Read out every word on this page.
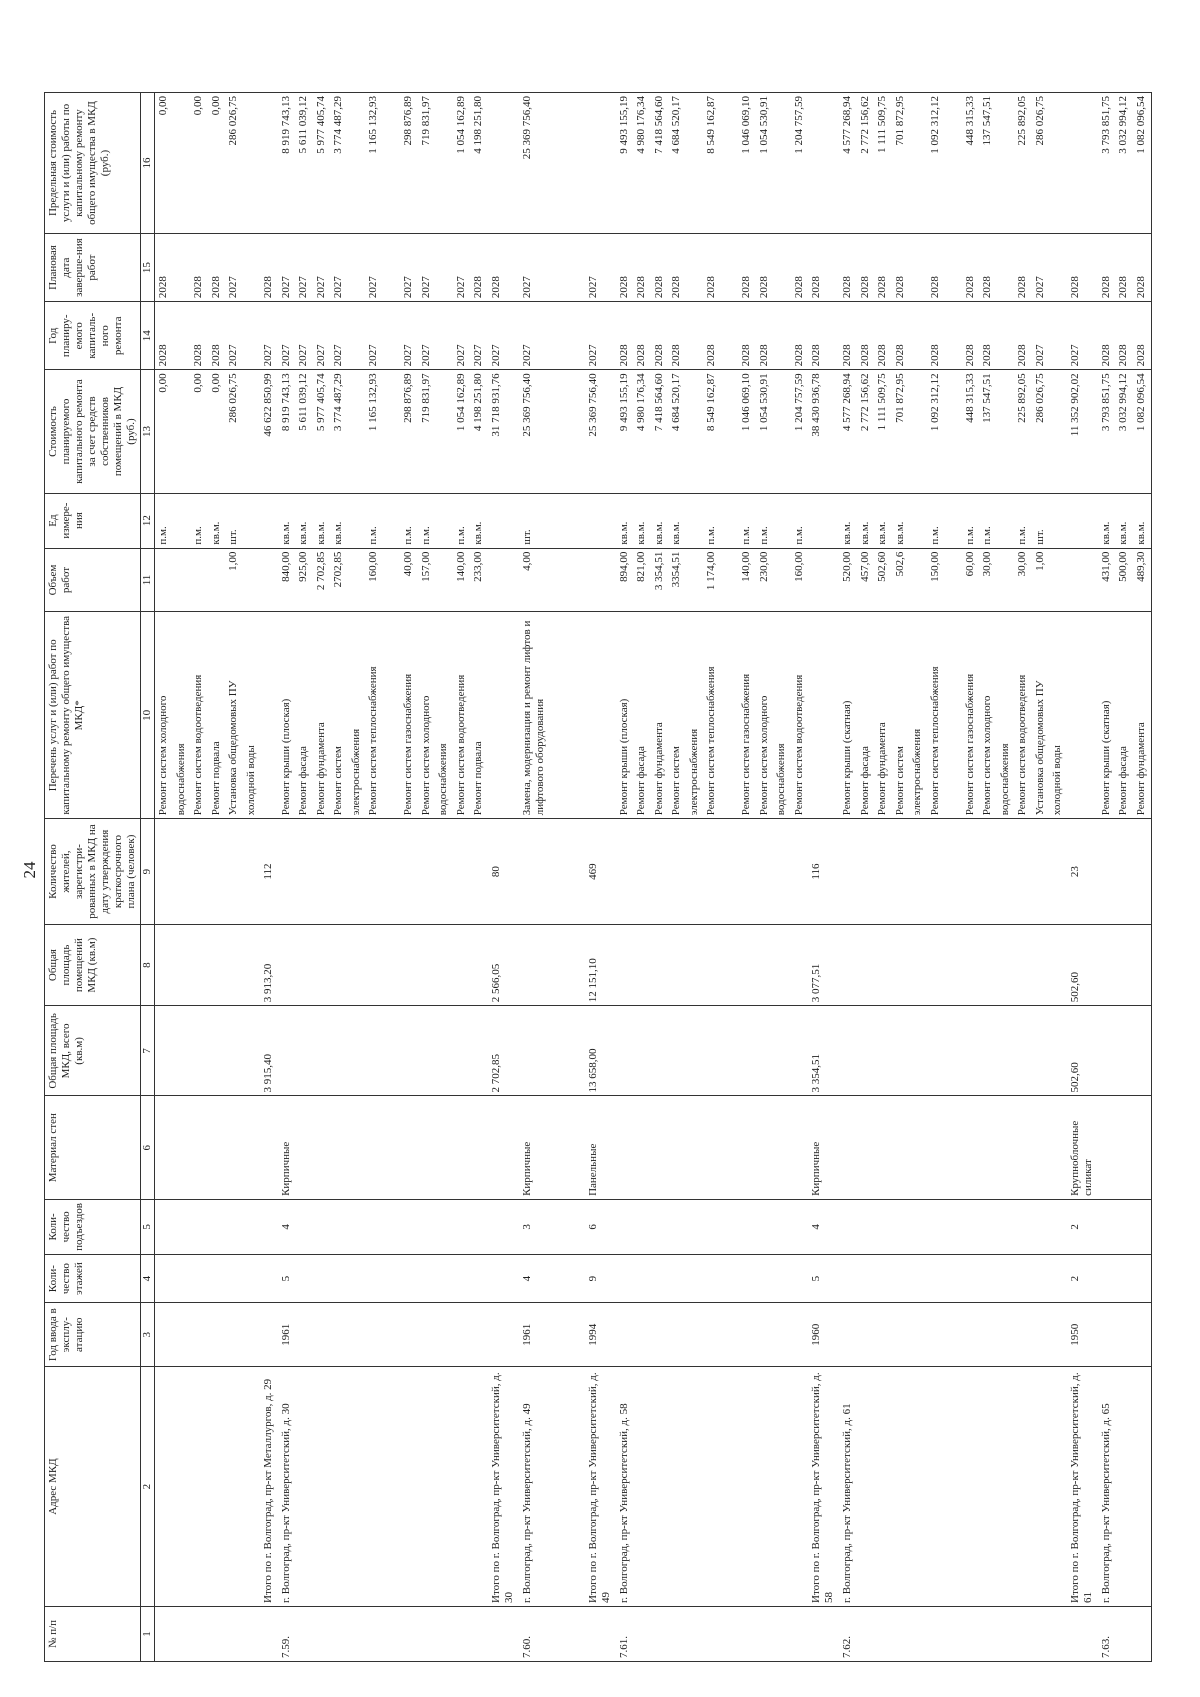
24
№ п/п	Адрес МКД	Год ввода в эксплу-атацию	Коли-чество этажей	Коли-чество подъездов	Материал стен	Общая площадь МКД, всего (кв.м)	Общая площадь помещений МКД (кв.м)	Количество жителей, зарегистри-рованных в МКД на дату утверждения краткосрочного плана (человек)	Перечень услуг и (или) работ по капитальному ремонту общего имущества МКД*	Объем работ	Ед измере-ния	Стоимость планируемого капитального ремонта за счет средств собственников помещений в МКД (руб.)	Год планиру-емого капиталь-ного ремонта	Плановая дата заверше-ния работ	Предельная стоимость услуги и (или) работы по капитальному ремонту общего имущества в МКД (руб.)
1	2	3	4	5	6	7	8	9	10	11	12	13	14	15	16
									Ремонт систем холодного		п.м.	0,00	2028	2028	0,00
									водоснабжения						
									Ремонт систем водоотведения		п.м.	0,00	2028	2028	0,00
									Ремонт подвала		кв.м.	0,00	2028	2028	0,00
									Установка общедомовых ПУ	1,00	шт.	286 026,75	2027	2027	286 026,75
									холодной воды						
	Итого по г. Волгоград, пр-кт Металлургов, д. 29					3 915,40	3 913,20	112				46 622 850,99	2027	2028	
7.59.	г. Волгоград, пр-кт Университетский, д. 30	1961	5	4	Кирпичные				Ремонт крыши (плоская)	840,00	кв.м.	8 919 743,13	2027	2027	8 919 743,13
									Ремонт фасада	925,00	кв.м.	5 611 039,12	2027	2027	5 611 039,12
									Ремонт фундамента	2 702,85	кв.м.	5 977 405,74	2027	2027	5 977 405,74
									Ремонт систем	2702,85	кв.м.	3 774 487,29	2027	2027	3 774 487,29
									электроснабжения						
									Ремонт систем теплоснабжения	160,00	п.м.	1 165 132,93	2027	2027	1 165 132,93

									Ремонт систем газоснабжения	40,00	п.м.	298 876,89	2027	2027	298 876,89
									Ремонт систем холодного	157,00	п.м.	719 831,97	2027	2027	719 831,97
									водоснабжения						
									Ремонт систем водоотведения	140,00	п.м.	1 054 162,89	2027	2027	1 054 162,89
									Ремонт подвала	233,00	кв.м.	4 198 251,80	2027	2028	4 198 251,80
	Итого по г. Волгоград, пр-кт Университетский, д. 30					2 702,85	2 566,05	80				31 718 931,76	2027	2028	
7.60.	г. Волгоград, пр-кт Университетский, д. 49	1961	4	3	Кирпичные				Замена, модернизация и ремонт лифтов и лифтового оборудования	4,00	шт.	25 369 756,40	2027	2027	25 369 756,40

	Итого по г. Волгоград, пр-кт Университетский, д. 49	1994	9	6	Панельные	13 658,00	12 151,10	469				25 369 756,40	2027	2027	
7.61.	г. Волгоград, пр-кт Университетский, д. 58								Ремонт крыши (плоская)	894,00	кв.м.	9 493 155,19	2028	2028	9 493 155,19
									Ремонт фасада	821,00	кв.м.	4 980 176,34	2028	2028	4 980 176,34
									Ремонт фундамента	3 354,51	кв.м.	7 418 564,60	2028	2028	7 418 564,60
									Ремонт систем	3354,51	кв.м.	4 684 520,17	2028	2028	4 684 520,17
									электроснабжения						
									Ремонт систем теплоснабжения	1 174,00	п.м.	8 549 162,87	2028	2028	8 549 162,87

									Ремонт систем газоснабжения	140,00	п.м.	1 046 069,10	2028	2028	1 046 069,10
									Ремонт систем холодного	230,00	п.м.	1 054 530,91	2028	2028	1 054 530,91
									водоснабжения						
									Ремонт систем водоотведения	160,00	п.м.	1 204 757,59	2028	2028	1 204 757,59
	Итого по г. Волгоград, пр-кт Университетский, д. 58	1960	5	4	Кирпичные	3 354,51	3 077,51	116				38 430 936,78	2028	2028	
7.62.	г. Волгоград, пр-кт Университетский, д. 61								Ремонт крыши (скатная)	520,00	кв.м.	4 577 268,94	2028	2028	4 577 268,94
									Ремонт фасада	457,00	кв.м.	2 772 156,62	2028	2028	2 772 156,62
									Ремонт фундамента	502,60	кв.м.	1 111 509,75	2028	2028	1 111 509,75
									Ремонт систем	502,6	кв.м.	701 872,95	2028	2028	701 872,95
									электроснабжения						
									Ремонт систем теплоснабжения	150,00	п.м.	1 092 312,12	2028	2028	1 092 312,12

									Ремонт систем газоснабжения	60,00	п.м.	448 315,33	2028	2028	448 315,33
									Ремонт систем холодного	30,00	п.м.	137 547,51	2028	2028	137 547,51
									водоснабжения						
									Ремонт систем водоотведения	30,00	п.м.	225 892,05	2028	2028	225 892,05
									Установка общедомовых ПУ	1,00	шт.	286 026,75	2027	2027	286 026,75
									холодной воды						
	Итого по г. Волгоград, пр-кт Университетский, д. 61	1950	2	2	Крупноблочные силикат	502,60	502,60	23				11 352 902,02	2027	2028	
7.63.	г. Волгоград, пр-кт Университетский, д. 65								Ремонт крыши (скатная)	431,00	кв.м.	3 793 851,75	2028	2028	3 793 851,75
									Ремонт фасада	500,00	кв.м.	3 032 994,12	2028	2028	3 032 994,12
									Ремонт фундамента	489,30	кв.м.	1 082 096,54	2028	2028	1 082 096,54
